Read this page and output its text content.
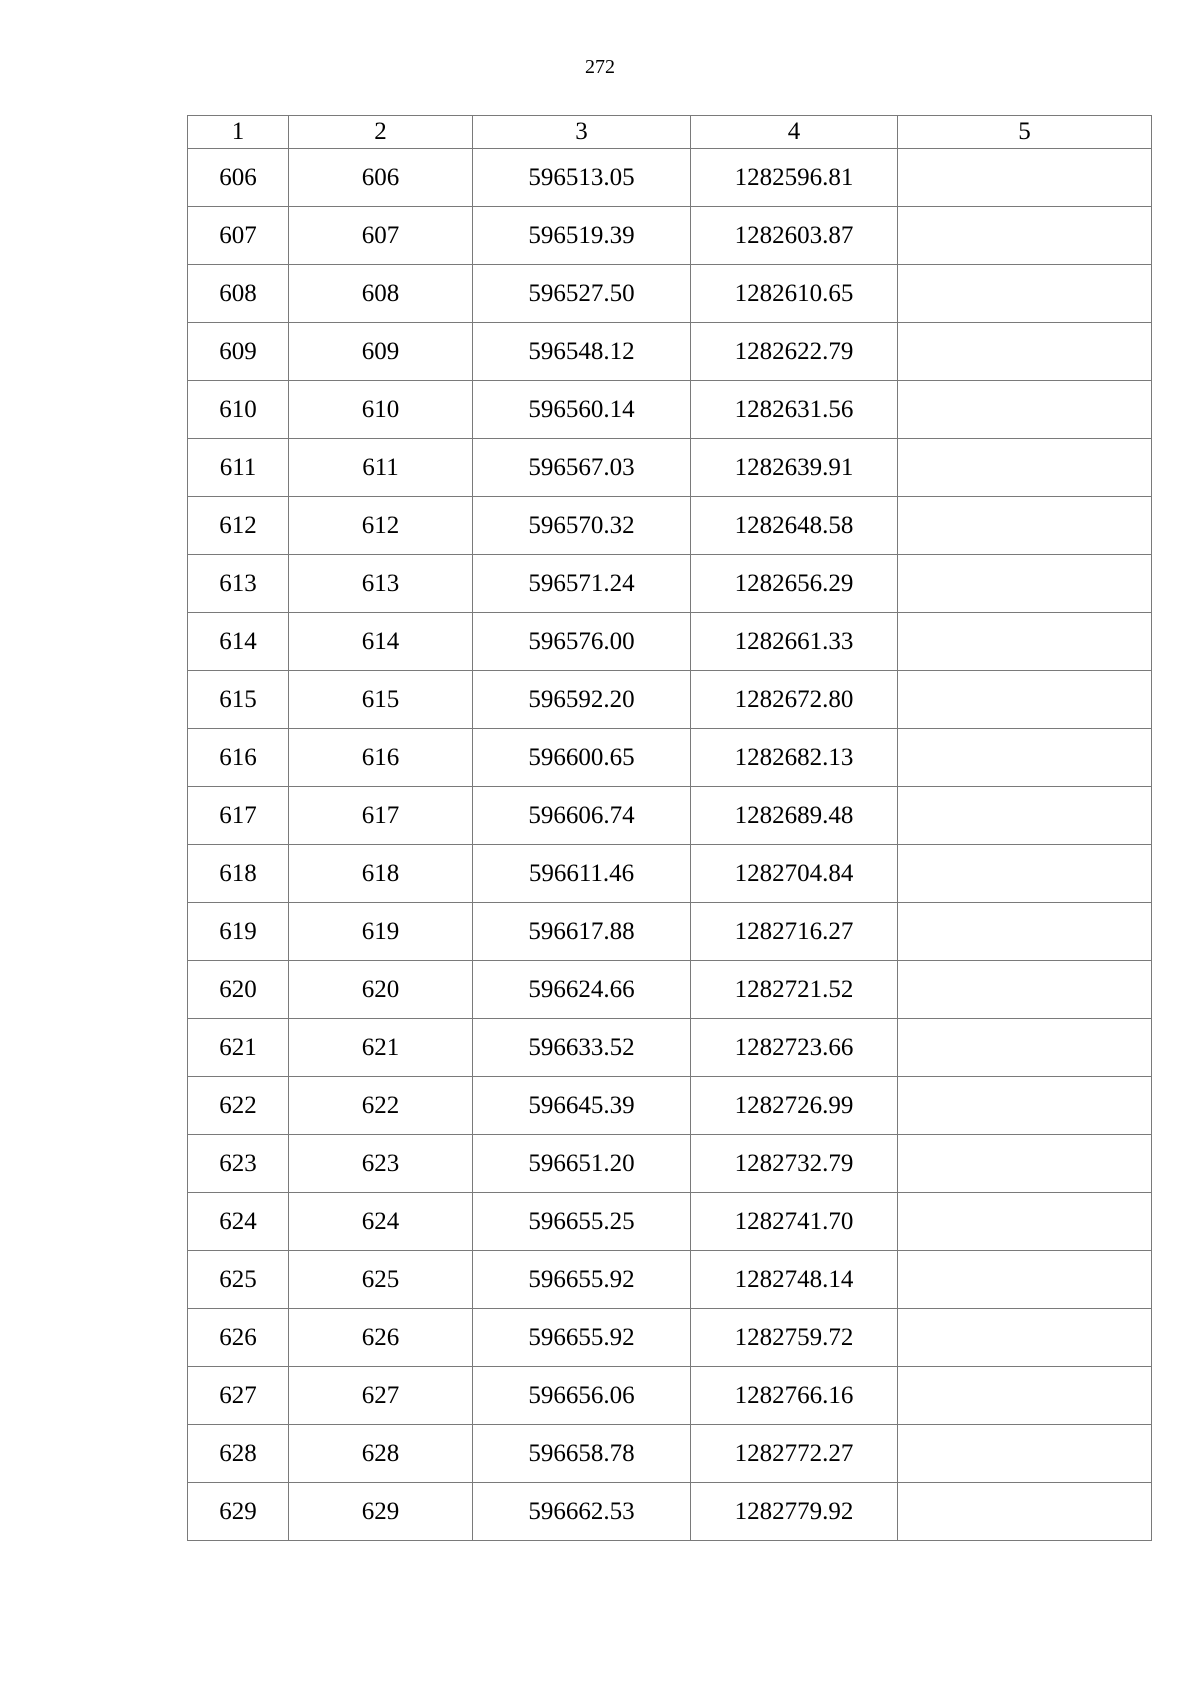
272
1	2	3	4	5
606	606	596513.05	1282596.81	
607	607	596519.39	1282603.87	
608	608	596527.50	1282610.65	
609	609	596548.12	1282622.79	
610	610	596560.14	1282631.56	
611	611	596567.03	1282639.91	
612	612	596570.32	1282648.58	
613	613	596571.24	1282656.29	
614	614	596576.00	1282661.33	
615	615	596592.20	1282672.80	
616	616	596600.65	1282682.13	
617	617	596606.74	1282689.48	
618	618	596611.46	1282704.84	
619	619	596617.88	1282716.27	
620	620	596624.66	1282721.52	
621	621	596633.52	1282723.66	
622	622	596645.39	1282726.99	
623	623	596651.20	1282732.79	
624	624	596655.25	1282741.70	
625	625	596655.92	1282748.14	
626	626	596655.92	1282759.72	
627	627	596656.06	1282766.16	
628	628	596658.78	1282772.27	
629	629	596662.53	1282779.92	
